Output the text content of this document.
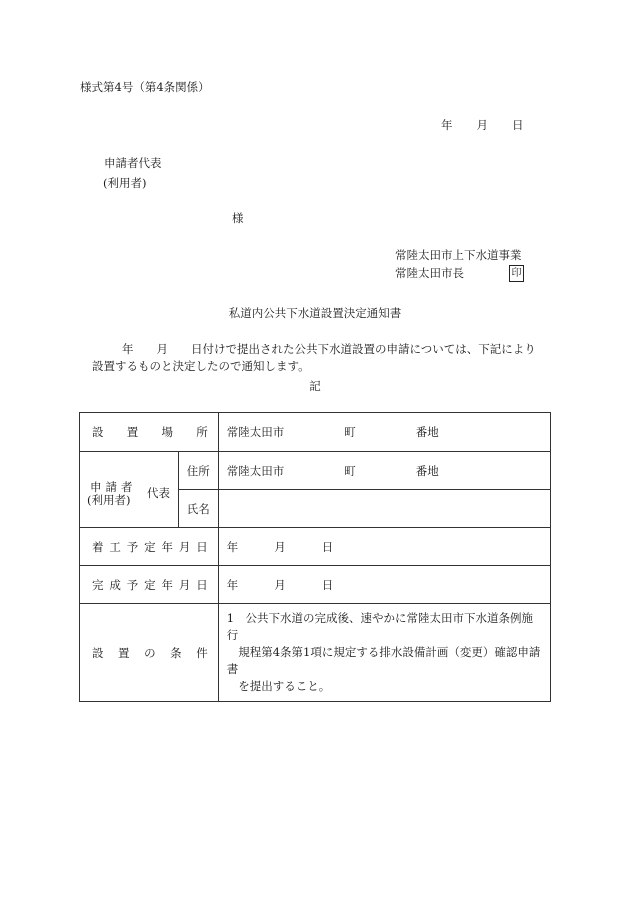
様式第4号（第4条関係）
年 月 日
申請者代表
(利用者)
様
常陸太田市上下水道事業
常陸太田市長	印
私道内公共下水道設置決定通知書
年　　月　　日付けで提出された公共下水道設置の申請については、下記により
設置するものと決定したので通知します。
記
設置場所		常陸太田市 町 番地

申請者
(利用者) 代表	住所	常陸太田市 町 番地
	氏名	
着工予定年月日		年 月 日
完成予定年月日		年 月 日
設置の条件		1　公共下水道の完成後、速やかに常陸太田市下水道条例施行
　規程第4条第1項に規定する排水設備計画（変更）確認申請書
　を提出すること。
